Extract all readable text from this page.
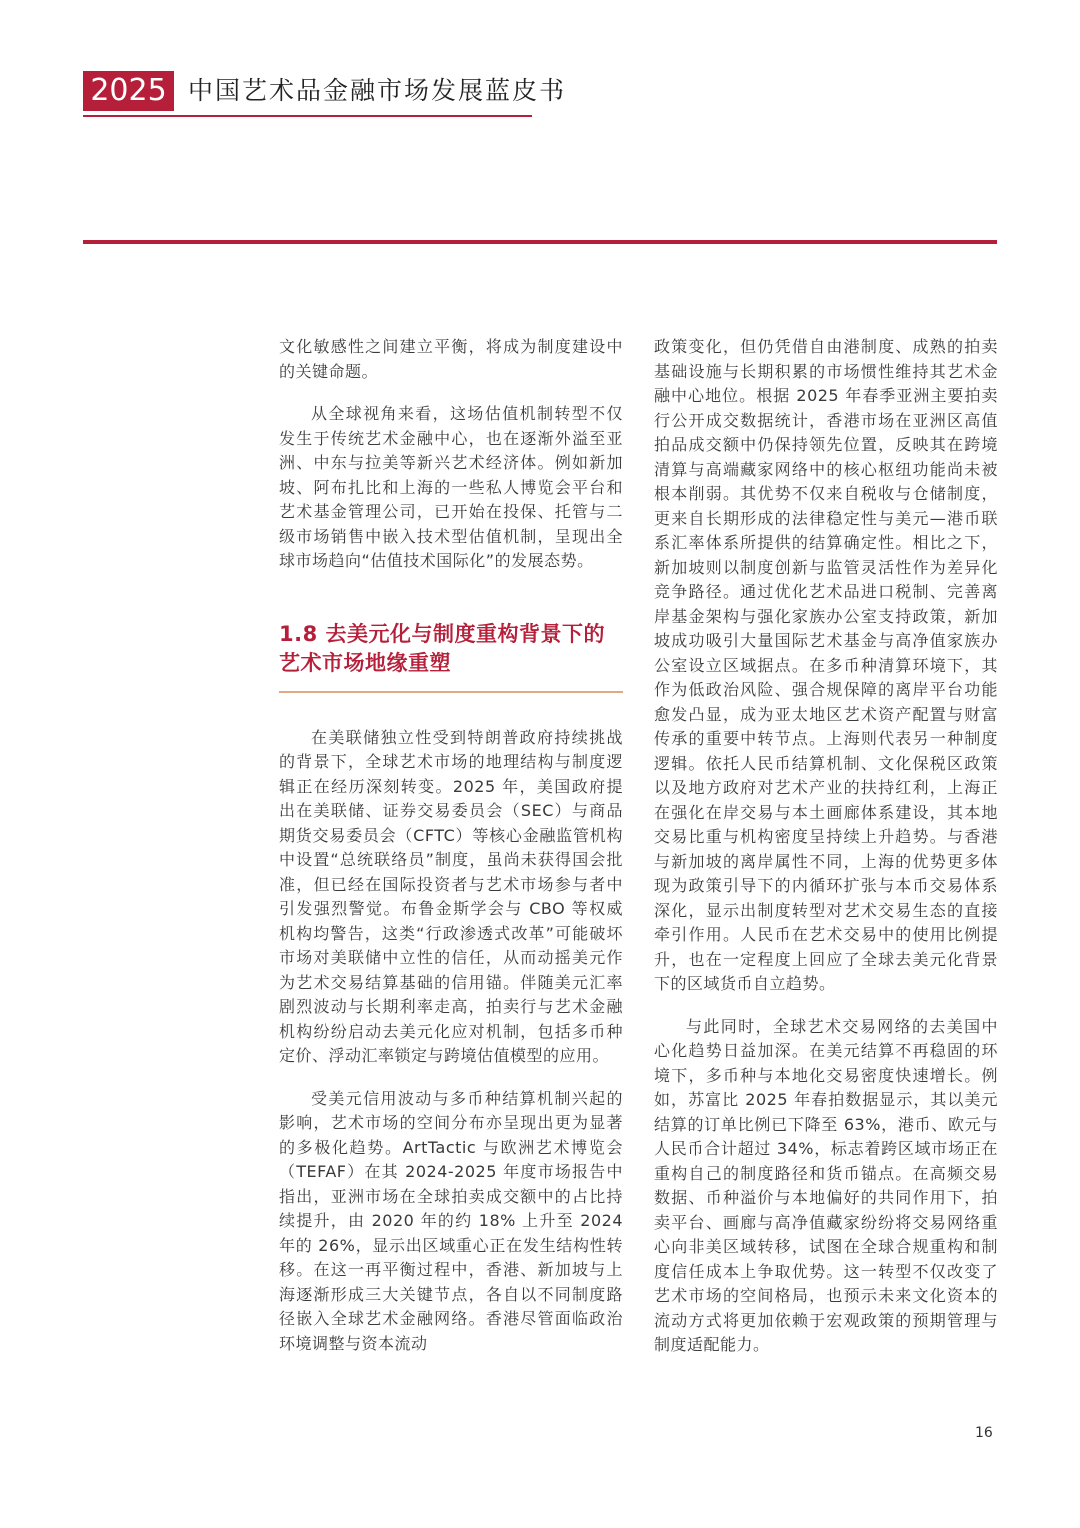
2025 中国艺术品金融市场发展蓝皮书

文化敏感性之间建立平衡，将成为制度建设中的关键命题。

从全球视角来看，这场估值机制转型不仅发生于传统艺术金融中心，也在逐渐外溢至亚洲、中东与拉美等新兴艺术经济体。例如新加坡、阿布扎比和上海的一些私人博览会平台和艺术基金管理公司，已开始在投保、托管与二级市场销售中嵌入技术型估值机制，呈现出全球市场趋向“估值技术国际化”的发展态势。

1.8 去美元化与制度重构背景下的艺术市场地缘重塑

在美联储独立性受到特朗普政府持续挑战的背景下，全球艺术市场的地理结构与制度逻辑正在经历深刻转变。2025 年，美国政府提出在美联储、证券交易委员会（SEC）与商品期货交易委员会（CFTC）等核心金融监管机构中设置“总统联络员”制度，虽尚未获得国会批准，但已经在国际投资者与艺术市场参与者中引发强烈警觉。布鲁金斯学会与 CBO 等权威机构均警告，这类“行政渗透式改革”可能破坏市场对美联储中立性的信任，从而动摇美元作为艺术交易结算基础的信用锚。伴随美元汇率剧烈波动与长期利率走高，拍卖行与艺术金融机构纷纷启动去美元化应对机制，包括多币种定价、浮动汇率锁定与跨境估值模型的应用。

受美元信用波动与多币种结算机制兴起的影响，艺术市场的空间分布亦呈现出更为显著的多极化趋势。ArtTactic 与欧洲艺术博览会（TEFAF）在其 2024-2025 年度市场报告中指出，亚洲市场在全球拍卖成交额中的占比持续提升，由 2020 年的约 18% 上升至 2024 年的 26%，显示出区域重心正在发生结构性转移。在这一再平衡过程中，香港、新加坡与上海逐渐形成三大关键节点，各自以不同制度路径嵌入全球艺术金融网络。香港尽管面临政治环境调整与资本流动

政策变化，但仍凭借自由港制度、成熟的拍卖基础设施与长期积累的市场惯性维持其艺术金融中心地位。根据 2025 年春季亚洲主要拍卖行公开成交数据统计，香港市场在亚洲区高值拍品成交额中仍保持领先位置，反映其在跨境清算与高端藏家网络中的核心枢纽功能尚未被根本削弱。其优势不仅来自税收与仓储制度，更来自长期形成的法律稳定性与美元—港币联系汇率体系所提供的结算确定性。相比之下，新加坡则以制度创新与监管灵活性作为差异化竞争路径。通过优化艺术品进口税制、完善离岸基金架构与强化家族办公室支持政策，新加坡成功吸引大量国际艺术基金与高净值家族办公室设立区域据点。在多币种清算环境下，其作为低政治风险、强合规保障的离岸平台功能愈发凸显，成为亚太地区艺术资产配置与财富传承的重要中转节点。上海则代表另一种制度逻辑。依托人民币结算机制、文化保税区政策以及地方政府对艺术产业的扶持红利，上海正在强化在岸交易与本土画廊体系建设，其本地交易比重与机构密度呈持续上升趋势。与香港与新加坡的离岸属性不同，上海的优势更多体现为政策引导下的内循环扩张与本币交易体系深化，显示出制度转型对艺术交易生态的直接牵引作用。人民币在艺术交易中的使用比例提升，也在一定程度上回应了全球去美元化背景下的区域货币自立趋势。

与此同时，全球艺术交易网络的去美国中心化趋势日益加深。在美元结算不再稳固的环境下，多币种与本地化交易密度快速增长。例如，苏富比 2025 年春拍数据显示，其以美元结算的订单比例已下降至 63%，港币、欧元与人民币合计超过 34%，标志着跨区域市场正在重构自己的制度路径和货币锚点。在高频交易数据、币种溢价与本地偏好的共同作用下，拍卖平台、画廊与高净值藏家纷纷将交易网络重心向非美区域转移，试图在全球合规重构和制度信任成本上争取优势。这一转型不仅改变了艺术市场的空间格局，也预示未来文化资本的流动方式将更加依赖于宏观政策的预期管理与制度适配能力。

16
